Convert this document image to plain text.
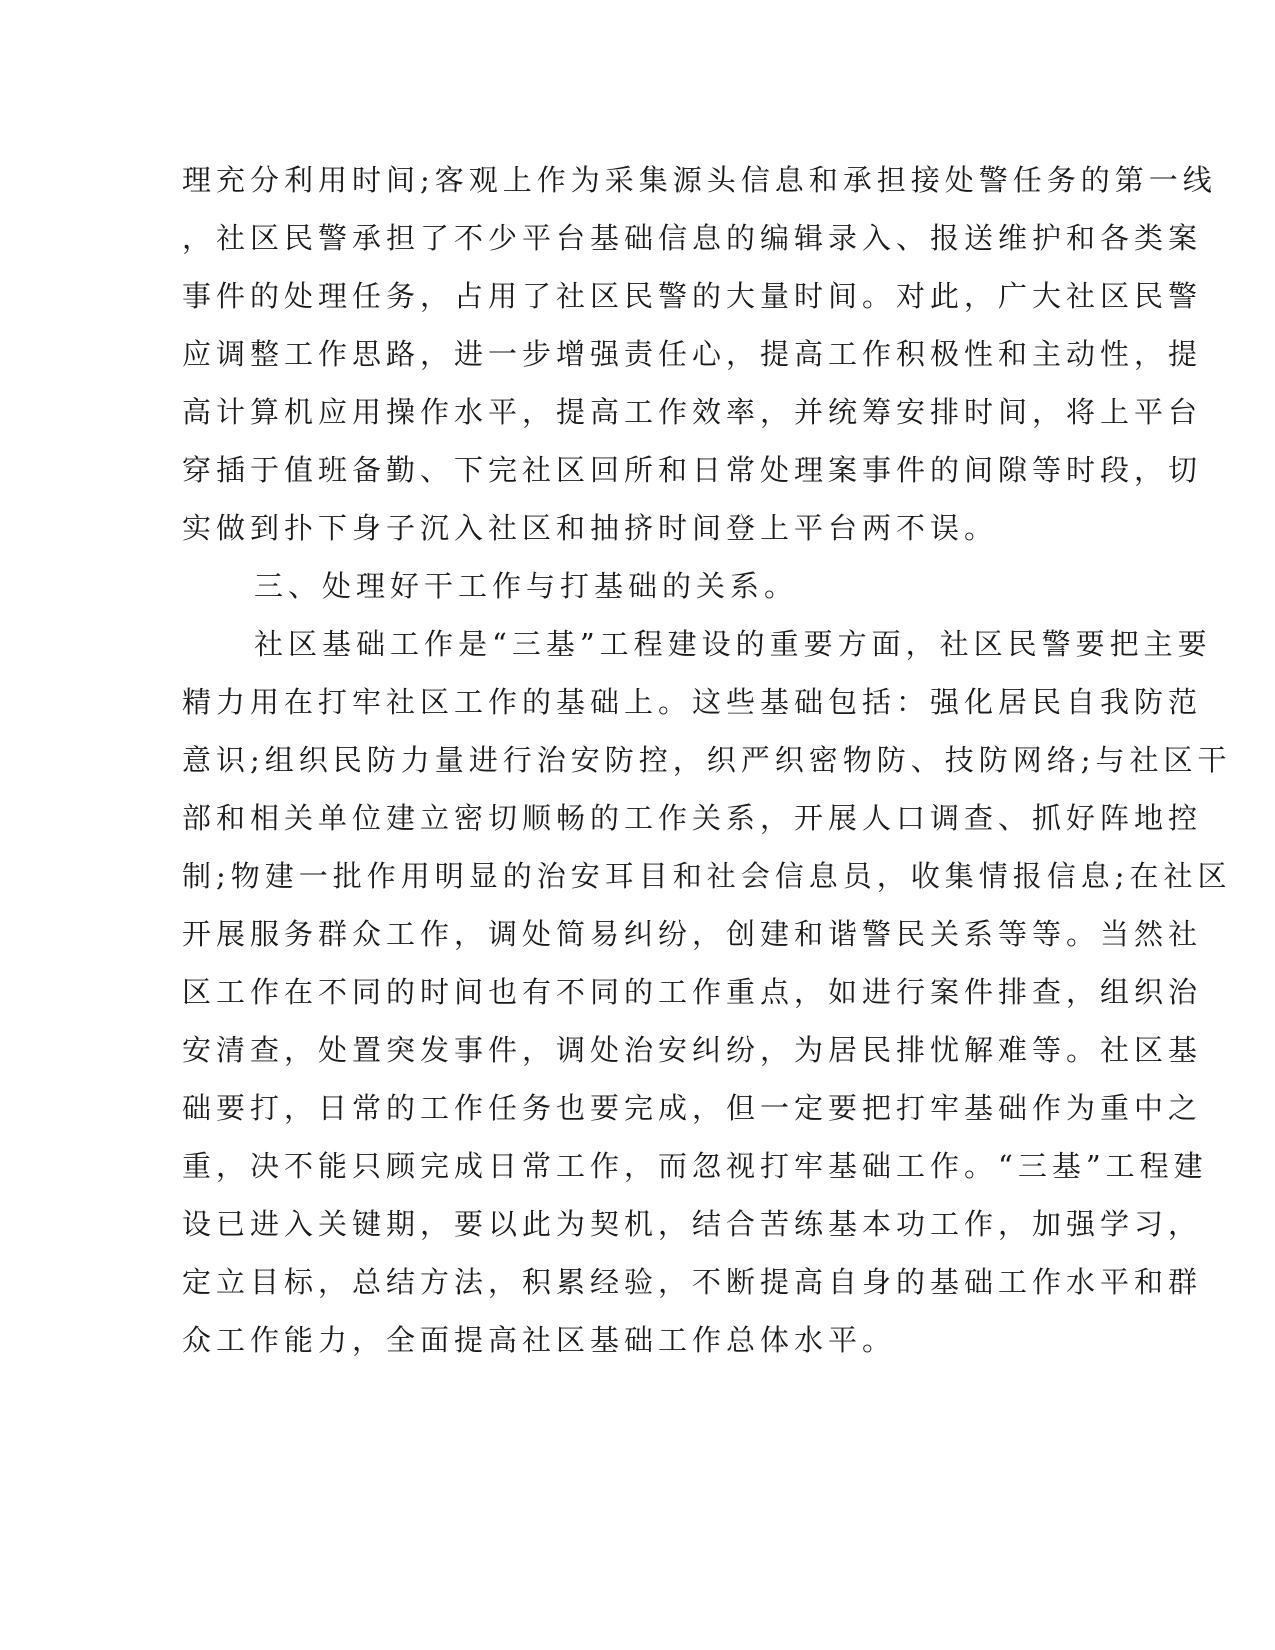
理充分利用时间;客观上作为采集源头信息和承担接处警任务的第一线
，社区民警承担了不少平台基础信息的编辑录入、报送维护和各类案
事件的处理任务，占用了社区民警的大量时间。对此，广大社区民警
应调整工作思路，进一步增强责任心，提高工作积极性和主动性，提
高计算机应用操作水平，提高工作效率，并统筹安排时间，将上平台
穿插于值班备勤、下完社区回所和日常处理案事件的间隙等时段，切
实做到扑下身子沉入社区和抽挤时间登上平台两不误。
三、处理好干工作与打基础的关系。
社区基础工作是“三基”工程建设的重要方面，社区民警要把主要
精力用在打牢社区工作的基础上。这些基础包括：强化居民自我防范
意识;组织民防力量进行治安防控，织严织密物防、技防网络;与社区干
部和相关单位建立密切顺畅的工作关系，开展人口调查、抓好阵地控
制;物建一批作用明显的治安耳目和社会信息员，收集情报信息;在社区
开展服务群众工作，调处简易纠纷，创建和谐警民关系等等。当然社
区工作在不同的时间也有不同的工作重点，如进行案件排查，组织治
安清查，处置突发事件，调处治安纠纷，为居民排忧解难等。社区基
础要打，日常的工作任务也要完成，但一定要把打牢基础作为重中之
重，决不能只顾完成日常工作，而忽视打牢基础工作。“三基”工程建
设已进入关键期，要以此为契机，结合苦练基本功工作，加强学习，
定立目标，总结方法，积累经验，不断提高自身的基础工作水平和群
众工作能力，全面提高社区基础工作总体水平。
